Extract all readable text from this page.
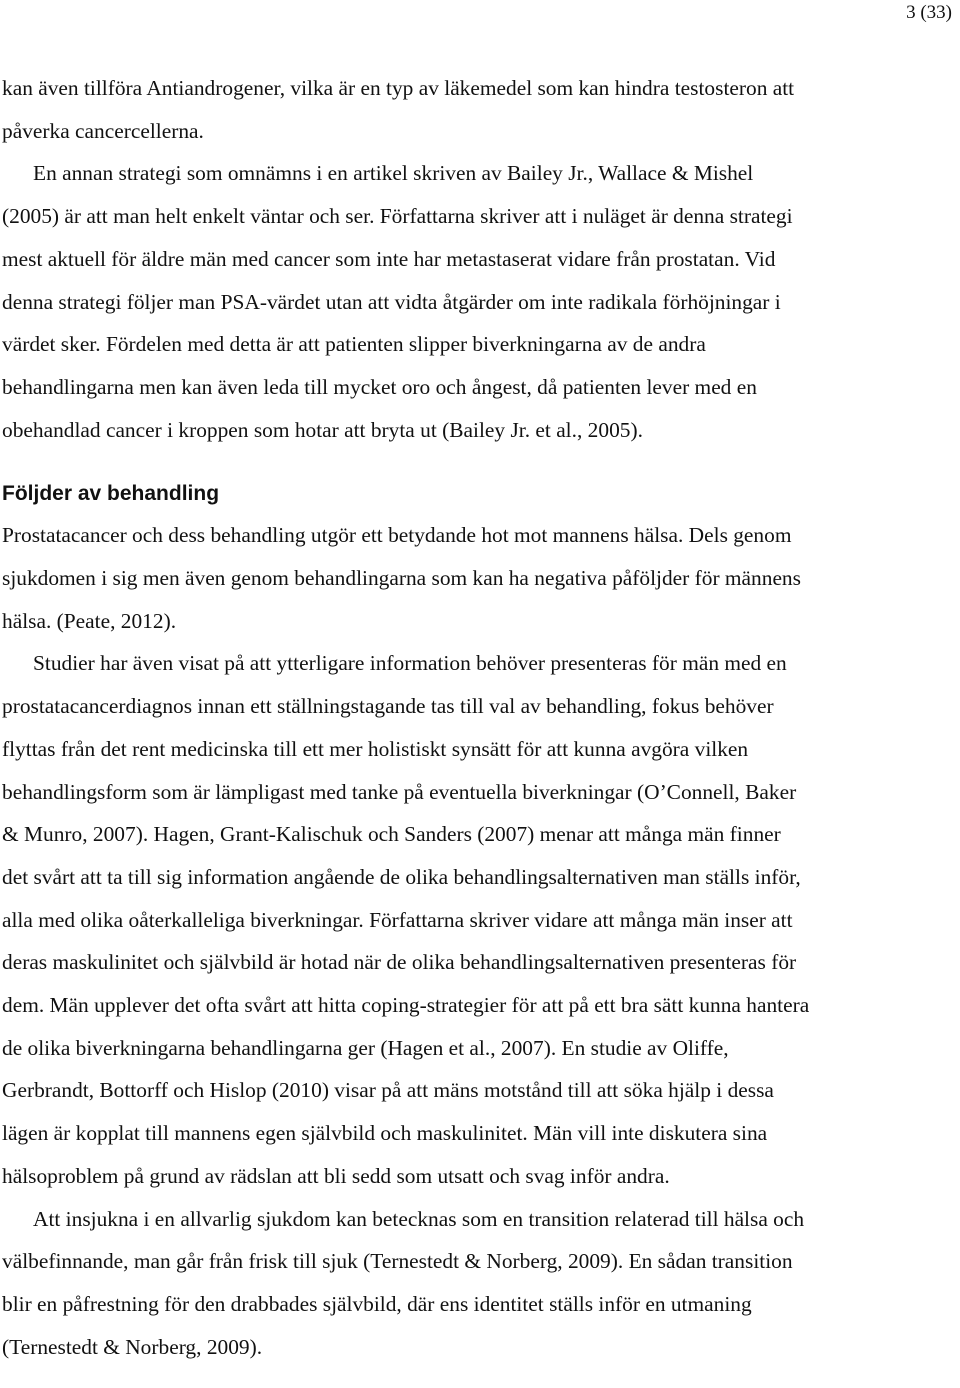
3 (33)

kan även tillföra Antiandrogener, vilka är en typ av läkemedel som kan hindra testosteron att

påverka cancercellerna.

En annan strategi som omnämns i en artikel skriven av Bailey Jr., Wallace & Mishel

(2005) är att man helt enkelt väntar och ser. Författarna skriver att i nuläget är denna strategi

mest aktuell för äldre män med cancer som inte har metastaserat vidare från prostatan. Vid

denna strategi följer man PSA-värdet utan att vidta åtgärder om inte radikala förhöjningar i

värdet sker. Fördelen med detta är att patienten slipper biverkningarna av de andra

behandlingarna men kan även leda till mycket oro och ångest, då patienten lever med en

obehandlad cancer i kroppen som hotar att bryta ut (Bailey Jr. et al., 2005).

Följder av behandling

Prostatacancer och dess behandling utgör ett betydande hot mot mannens hälsa. Dels genom

sjukdomen i sig men även genom behandlingarna som kan ha negativa påföljder för männens

hälsa. (Peate, 2012).

Studier har även visat på att ytterligare information behöver presenteras för män med en

prostatacancerdiagnos innan ett ställningstagande tas till val av behandling, fokus behöver

flyttas från det rent medicinska till ett mer holistiskt synsätt för att kunna avgöra vilken

behandlingsform som är lämpligast med tanke på eventuella biverkningar (O’Connell, Baker

& Munro, 2007). Hagen, Grant-Kalischuk och Sanders (2007) menar att många män finner

det svårt att ta till sig information angående de olika behandlingsalternativen man ställs inför,

alla med olika oåterkalleliga biverkningar. Författarna skriver vidare att många män inser att

deras maskulinitet och självbild är hotad när de olika behandlingsalternativen presenteras för

dem. Män upplever det ofta svårt att hitta coping-strategier för att på ett bra sätt kunna hantera

de olika biverkningarna behandlingarna ger (Hagen et al., 2007). En studie av Oliffe,

Gerbrandt, Bottorff och Hislop (2010) visar på att mäns motstånd till att söka hjälp i dessa

lägen är kopplat till mannens egen självbild och maskulinitet. Män vill inte diskutera sina

hälsoproblem på grund av rädslan att bli sedd som utsatt och svag inför andra.

Att insjukna i en allvarlig sjukdom kan betecknas som en transition relaterad till hälsa och

välbefinnande, man går från frisk till sjuk (Ternestedt & Norberg, 2009). En sådan transition

blir en påfrestning för den drabbades självbild, där ens identitet ställs inför en utmaning

(Ternestedt & Norberg, 2009).
